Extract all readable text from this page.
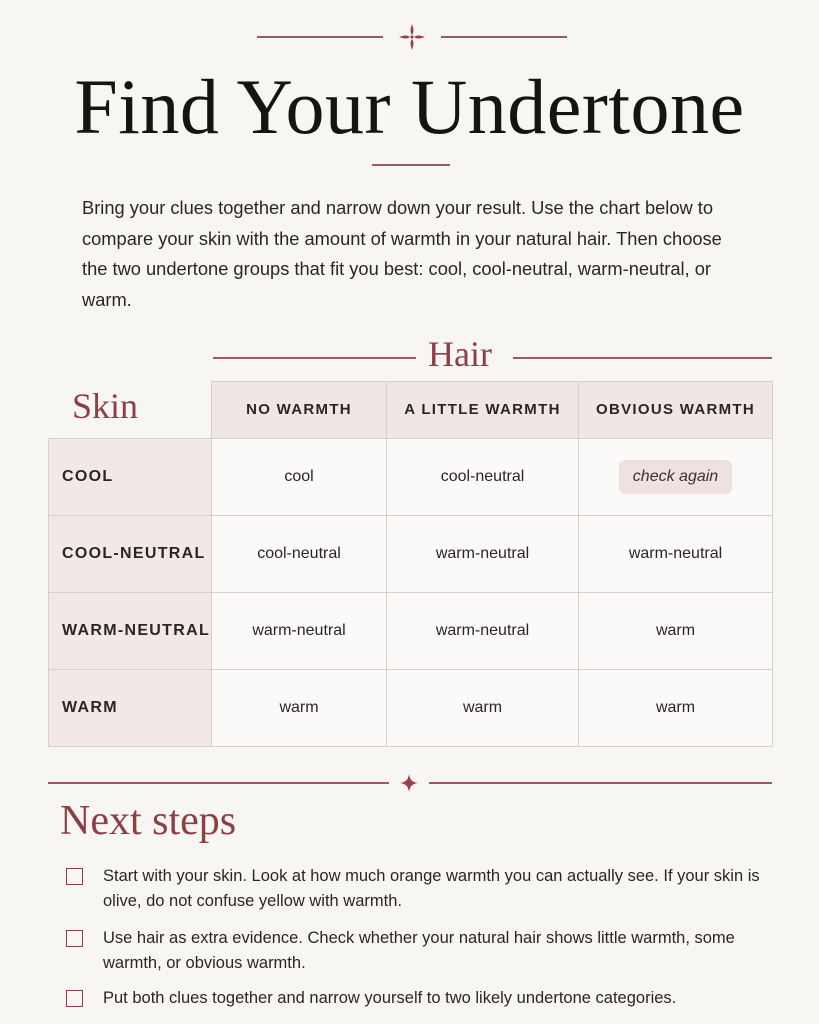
Find Your Undertone

Bring your clues together and narrow down your result. Use the chart below to compare your skin with the amount of warmth in your natural hair. Then choose the two undertone groups that fit you best: cool, cool-neutral, warm-neutral, or warm.

Hair
Skin	NO WARMTH	A LITTLE WARMTH	OBVIOUS WARMTH
COOL	cool	cool-neutral	check again
COOL-NEUTRAL	cool-neutral	warm-neutral	warm-neutral
WARM-NEUTRAL	warm-neutral	warm-neutral	warm
WARM	warm	warm	warm
Next steps
Start with your skin. Look at how much orange warmth you can actually see. If your skin is olive, do not confuse yellow with warmth.
Use hair as extra evidence. Check whether your natural hair shows little warmth, some warmth, or obvious warmth.
Put both clues together and narrow yourself to two likely undertone categories.
